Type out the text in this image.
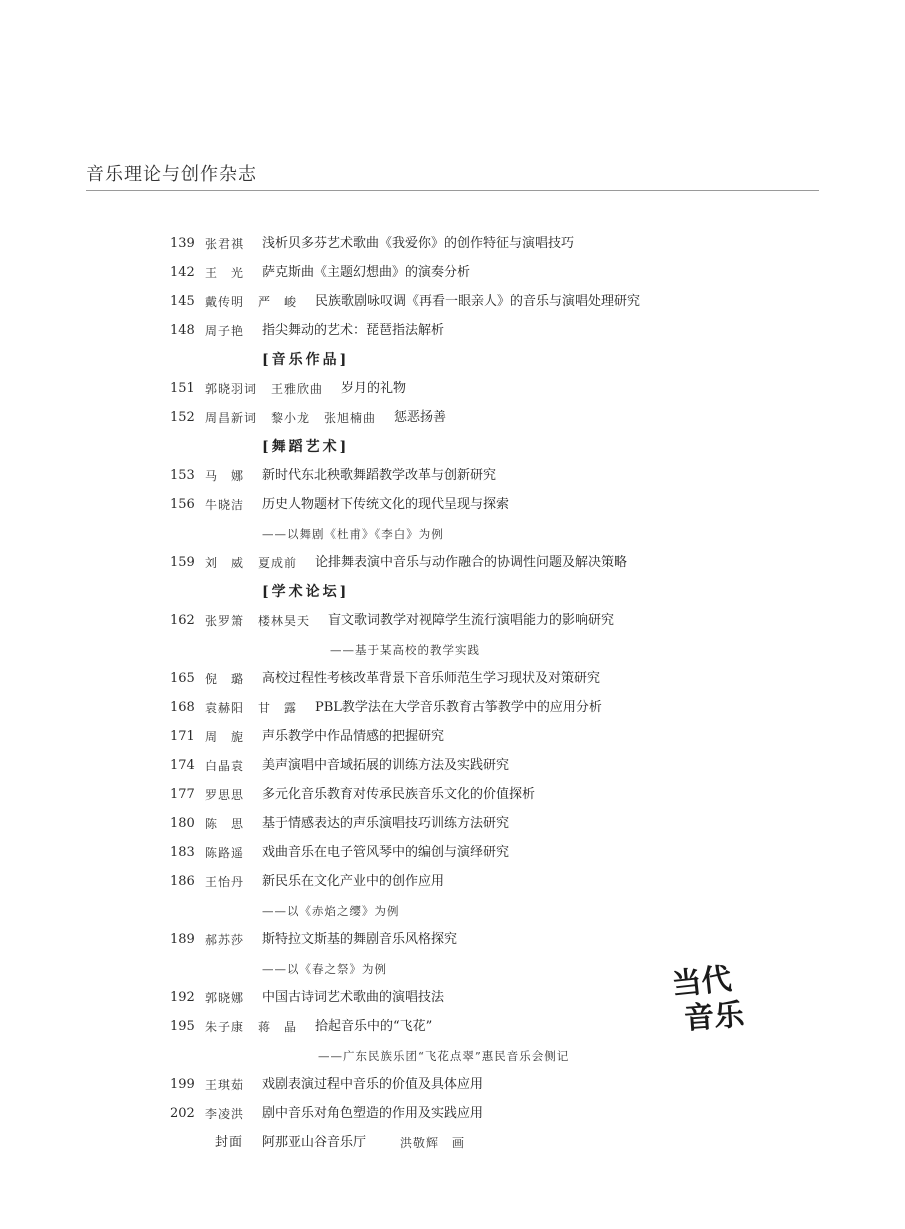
音乐理论与创作杂志
139 张君祺 浅析贝多芬艺术歌曲《我爱你》的创作特征与演唱技巧
142 王　光 萨克斯曲《主题幻想曲》的演奏分析
145 戴传明 严　峻 民族歌剧咏叹调《再看一眼亲人》的音乐与演唱处理研究
148 周子艳 指尖舞动的艺术：琵琶指法解析
[音乐作品]
151 郭晓羽词 王雅欣曲 岁月的礼物
152 周昌新词 黎小龙 张旭楠曲 惩恶扬善
[舞蹈艺术]
153 马　娜 新时代东北秧歌舞蹈教学改革与创新研究
156 牛晓洁 历史人物题材下传统文化的现代呈现与探索
——以舞剧《杜甫》《李白》为例
159 刘　威 夏成前 论排舞表演中音乐与动作融合的协调性问题及解决策略
[学术论坛]
162 张罗箫 楼林昊天 盲文歌词教学对视障学生流行演唱能力的影响研究
——基于某高校的教学实践
165 倪　璐 高校过程性考核改革背景下音乐师范生学习现状及对策研究
168 袁赫阳 甘　露 PBL教学法在大学音乐教育古筝教学中的应用分析
171 周　旎 声乐教学中作品情感的把握研究
174 白晶袁 美声演唱中音域拓展的训练方法及实践研究
177 罗思思 多元化音乐教育对传承民族音乐文化的价值探析
180 陈　思 基于情感表达的声乐演唱技巧训练方法研究
183 陈路遥 戏曲音乐在电子管风琴中的编创与演绎研究
186 王怡丹 新民乐在文化产业中的创作应用
——以《赤焰之缨》为例
189 郝苏莎 斯特拉文斯基的舞剧音乐风格探究
——以《春之祭》为例
192 郭晓娜 中国古诗词艺术歌曲的演唱技法
195 朱子康 蒋　晶 拾起音乐中的“飞花”
——广东民族乐团“飞花点翠”惠民音乐会侧记
199 王琪茹 戏剧表演过程中音乐的价值及具体应用
202 李凌洪 剧中音乐对角色塑造的作用及实践应用
封面 阿那亚山谷音乐厅	洪敬辉　画
当代
音乐
